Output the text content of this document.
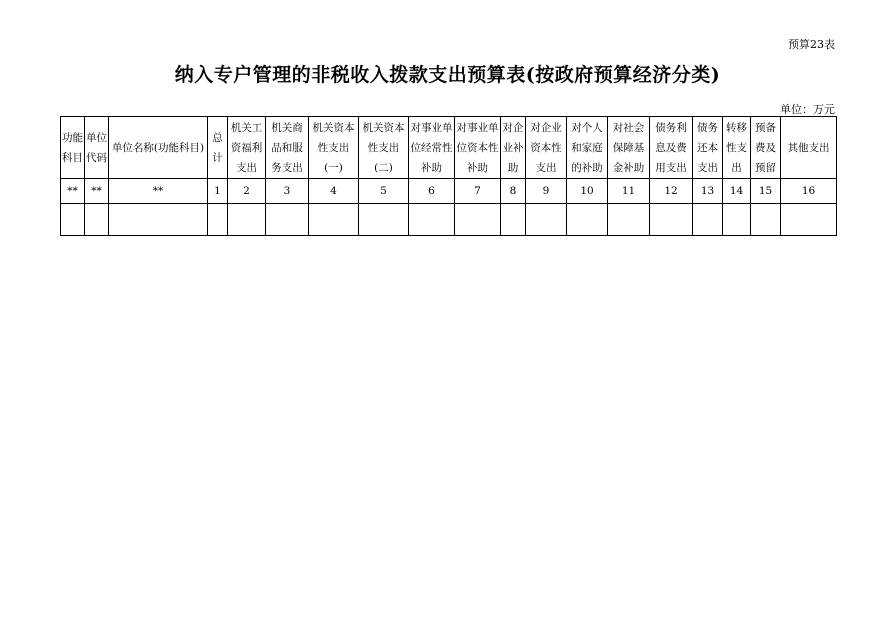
预算23表
纳入专户管理的非税收入拨款支出预算表(按政府预算经济分类)
单位：万元
功能科目	单位代码	单位名称(功能科目)	总计	机关工资福利支出	机关商品和服务支出	机关资本性支出(一)	机关资本性支出(二)	对事业单位经常性补助	对事业单位资本性补助	对企业补助	对企业资本性支出	对个人和家庭的补助	对社会保障基金补助	债务利息及费用支出	债务还本支出	转移性支出	预备费及预留	其他支出
**	**	**	1	2	3	4	5	6	7	8	9	10	11	12	13	14	15	16
